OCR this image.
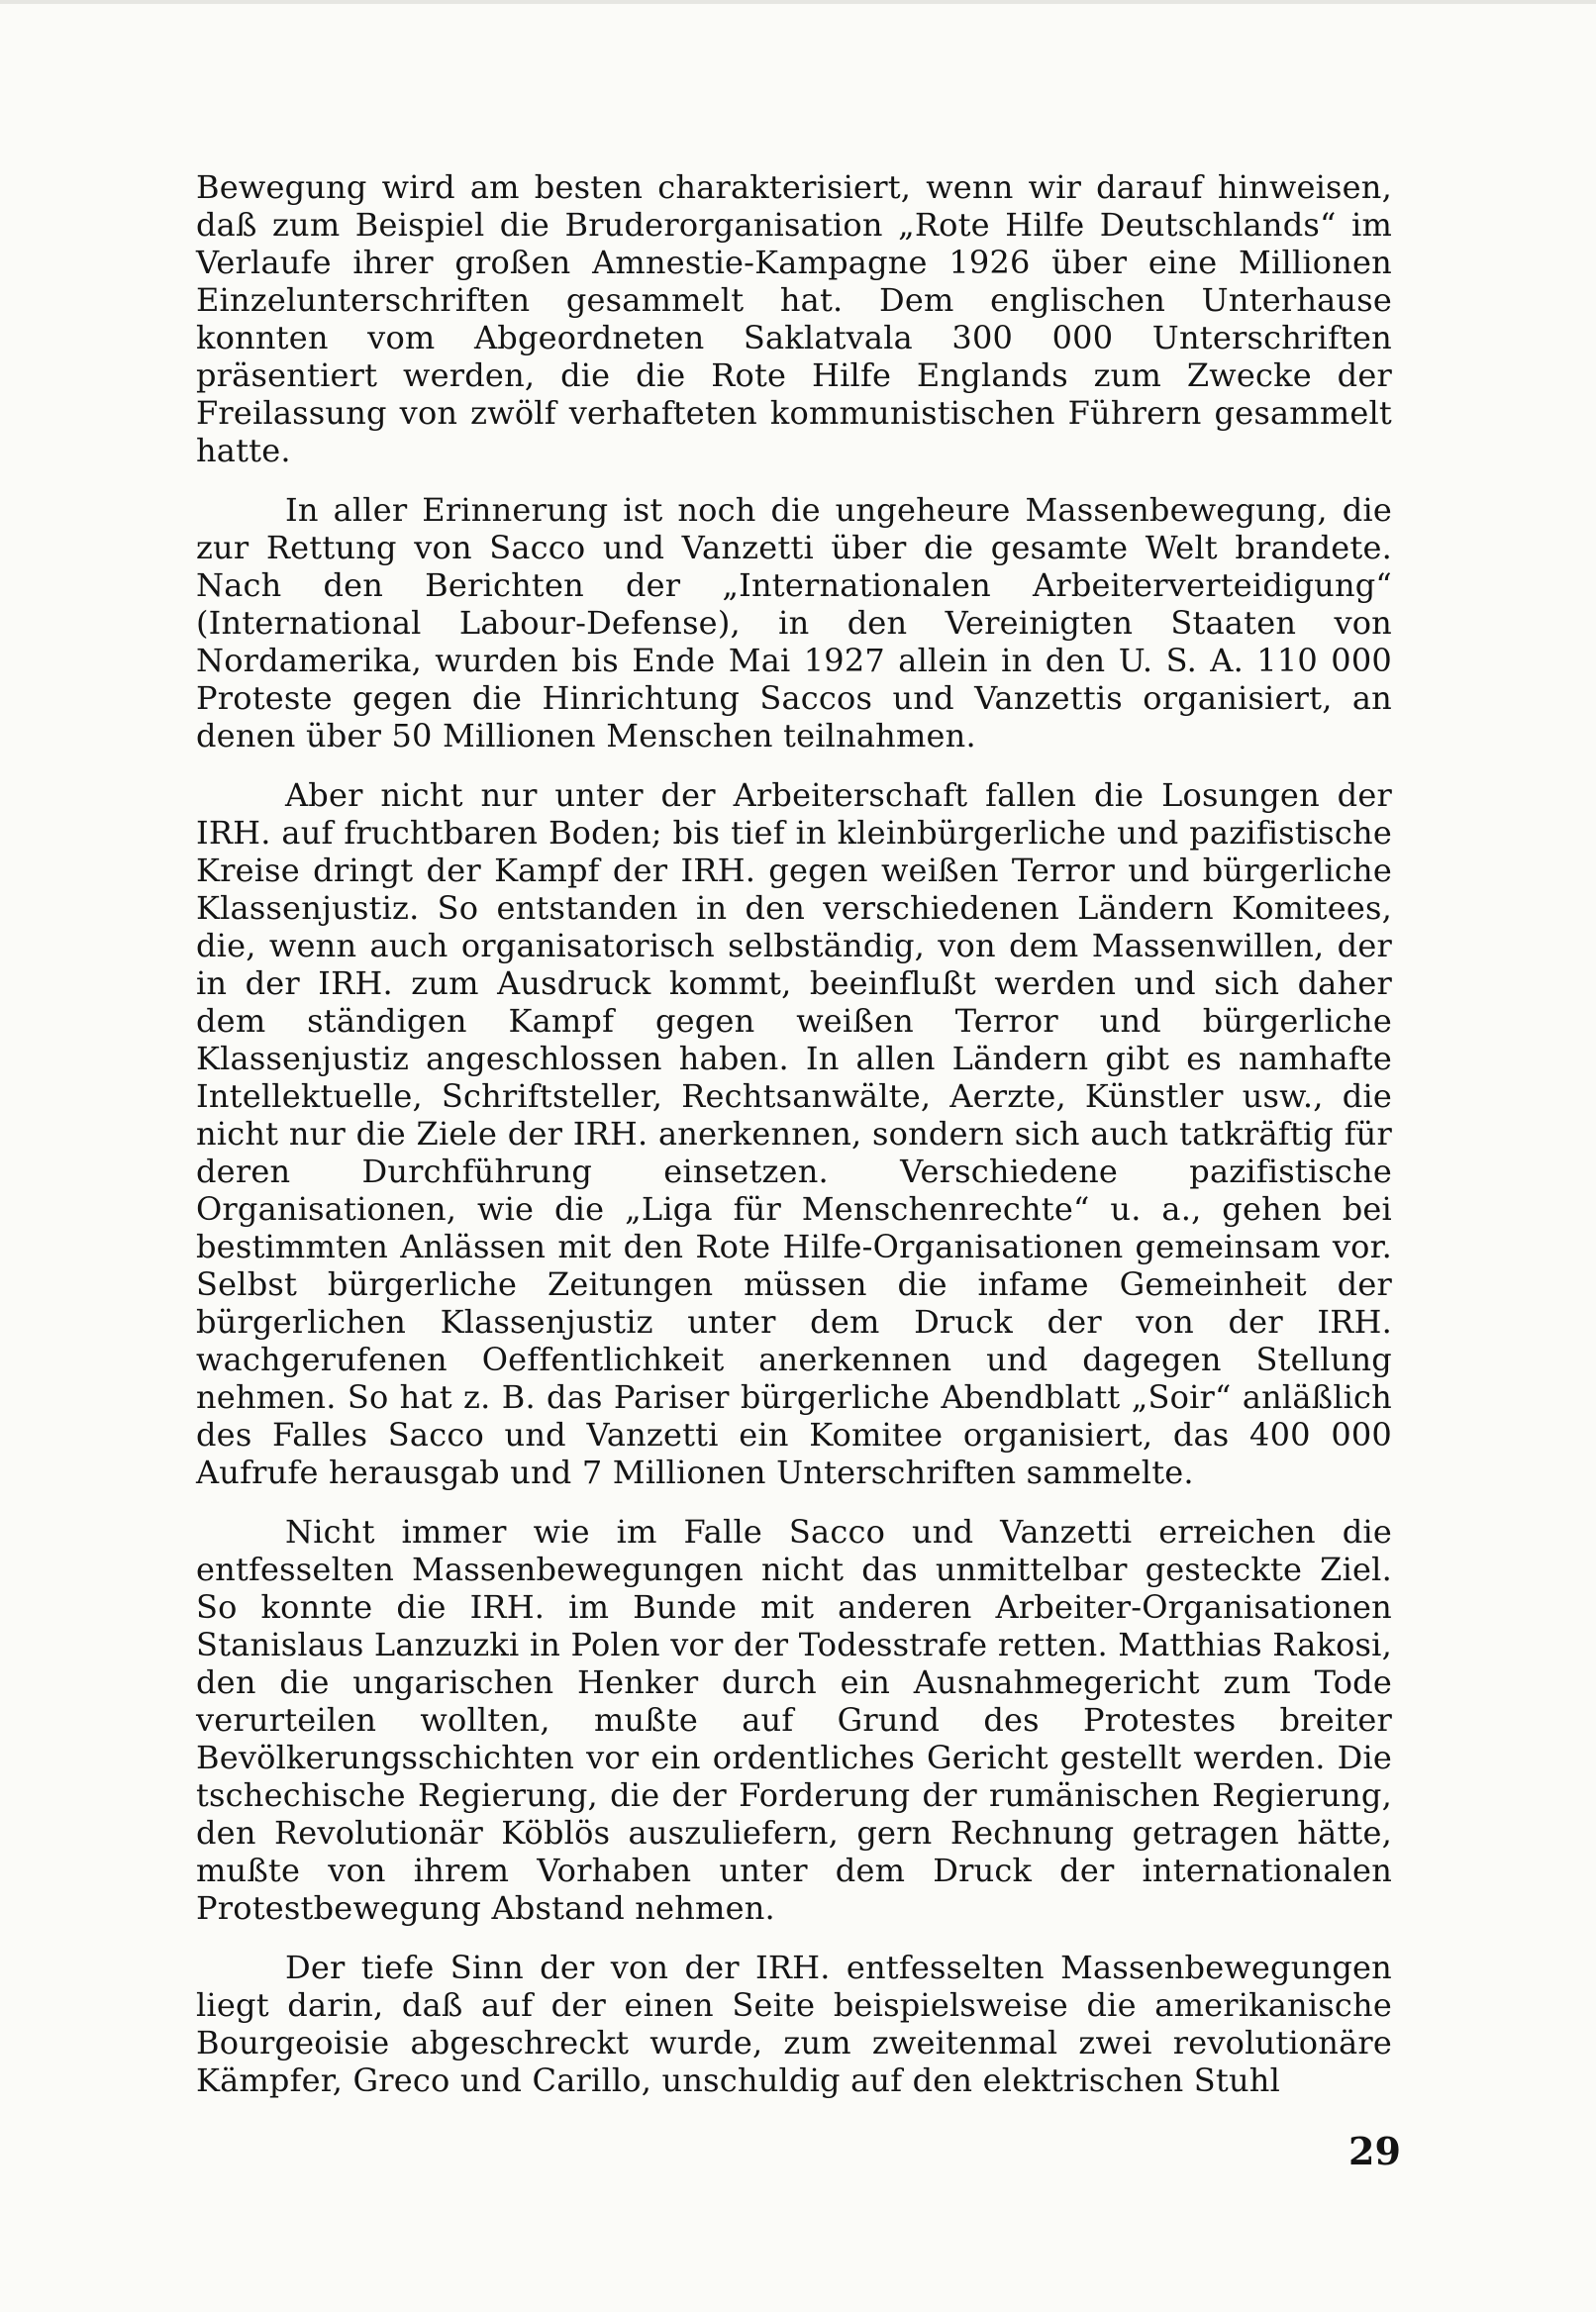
Bewegung wird am besten charakterisiert, wenn wir darauf hinweisen, daß zum Beispiel die Bruderorganisation „Rote Hilfe Deutschlands“ im Verlaufe ihrer großen Amnestie-Kampagne 1926 über eine Millionen Einzelunterschriften gesammelt hat. Dem englischen Unterhause konnten vom Abgeordneten Saklatvala 300 000 Unterschriften präsentiert werden, die die Rote Hilfe Englands zum Zwecke der Freilassung von zwölf verhafteten kommunistischen Führern gesammelt hatte.

In aller Erinnerung ist noch die ungeheure Massenbewegung, die zur Rettung von Sacco und Vanzetti über die gesamte Welt brandete. Nach den Berichten der „Internationalen Arbeiterverteidigung“ (International Labour-Defense), in den Vereinigten Staaten von Nordamerika, wurden bis Ende Mai 1927 allein in den U. S. A. 110 000 Proteste gegen die Hinrichtung Saccos und Vanzettis organisiert, an denen über 50 Millionen Menschen teilnahmen.

Aber nicht nur unter der Arbeiterschaft fallen die Losungen der IRH. auf fruchtbaren Boden; bis tief in kleinbürgerliche und pazifistische Kreise dringt der Kampf der IRH. gegen weißen Terror und bürgerliche Klassenjustiz. So entstanden in den verschiedenen Ländern Komitees, die, wenn auch organisatorisch selbständig, von dem Massenwillen, der in der IRH. zum Ausdruck kommt, beeinflußt werden und sich daher dem ständigen Kampf gegen weißen Terror und bürgerliche Klassenjustiz angeschlossen haben. In allen Ländern gibt es namhafte Intellektuelle, Schriftsteller, Rechtsanwälte, Aerzte, Künstler usw., die nicht nur die Ziele der IRH. anerkennen, sondern sich auch tatkräftig für deren Durchführung einsetzen. Verschiedene pazifistische Organisationen, wie die „Liga für Menschenrechte“ u. a., gehen bei bestimmten Anlässen mit den Rote Hilfe-Organisationen gemeinsam vor. Selbst bürgerliche Zeitungen müssen die infame Gemeinheit der bürgerlichen Klassenjustiz unter dem Druck der von der IRH. wachgerufenen Oeffentlichkeit anerkennen und dagegen Stellung nehmen. So hat z. B. das Pariser bürgerliche Abendblatt „Soir“ anläßlich des Falles Sacco und Vanzetti ein Komitee organisiert, das 400 000 Aufrufe herausgab und 7 Millionen Unterschriften sammelte.

Nicht immer wie im Falle Sacco und Vanzetti erreichen die entfesselten Massenbewegungen nicht das unmittelbar gesteckte Ziel. So konnte die IRH. im Bunde mit anderen Arbeiter-Organisationen Stanislaus Lanzuzki in Polen vor der Todesstrafe retten. Matthias Rakosi, den die ungarischen Henker durch ein Ausnahmegericht zum Tode verurteilen wollten, mußte auf Grund des Protestes breiter Bevölkerungsschichten vor ein ordentliches Gericht gestellt werden. Die tschechische Regierung, die der Forderung der rumänischen Regierung, den Revolutionär Köblös auszuliefern, gern Rechnung getragen hätte, mußte von ihrem Vorhaben unter dem Druck der internationalen Protestbewegung Abstand nehmen.

Der tiefe Sinn der von der IRH. entfesselten Massenbewegungen liegt darin, daß auf der einen Seite beispielsweise die amerikanische Bourgeoisie abgeschreckt wurde, zum zweitenmal zwei revolutionäre Kämpfer, Greco und Carillo, unschuldig auf den elektrischen Stuhl

29
